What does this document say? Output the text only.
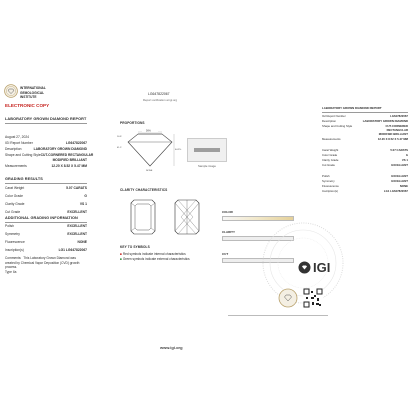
INTERNATIONAL
GEMOLOGICAL
INSTITUTE
ELECTRONIC COPY
LABORATORY GROWN DIAMOND REPORT
August 27, 2024
IGI Report Number	LG647822067
Description	LABORATORY GROWN DIAMOND
Shape and Cutting Style CUT-CORNERED RECTANGULAR
MODIFIED BRILLIANT
Measurements	12.20 X 8.52 X 5.47 MM
GRADING RESULTS
Carat Weight	5.07 CARATS
Color Grade	G
Clarity Grade	VS 1
Cut Grade	EXCELLENT
ADDITIONAL GRADING INFORMATION
Polish	EXCELLENT
Symmetry	EXCELLENT
Fluorescence	NONE
Inscription(s)	LG1 LG647822067
Comments: This Laboratory Grown Diamond was
created by Chemical Vapor Deposition (CVD) growth
process.
Type IIa
LG647822067
Report verification at igi.org
PROPORTIONS
56%
16.5°
41.1°
64.2%
NONE
Sample image
CLARITY CHARACTERISTICS
KEY TO SYMBOLS
■ Red symbols indicate internal characteristics
■ Green symbols indicate external characteristics
www.igi.org
COLOR
CLARITY
CUT
IGI
LABORATORY GROWN DIAMOND REPORT
IGI Report Number	LG647822067
Description	LABORATORY GROWN DIAMOND
Shape and Cutting Style	CUT-CORNERED
RECTANGULAR
MODIFIED BRILLIANT
Measurements	12.20 X 8.52 X 5.47 MM
Carat Weight	5.07 CARATS
Color Grade	G
Clarity Grade	VS 1
Cut Grade	EXCELLENT
Polish	EXCELLENT
Symmetry	EXCELLENT
Fluorescence	NONE
Inscription(s)	LG1 LG647822067
